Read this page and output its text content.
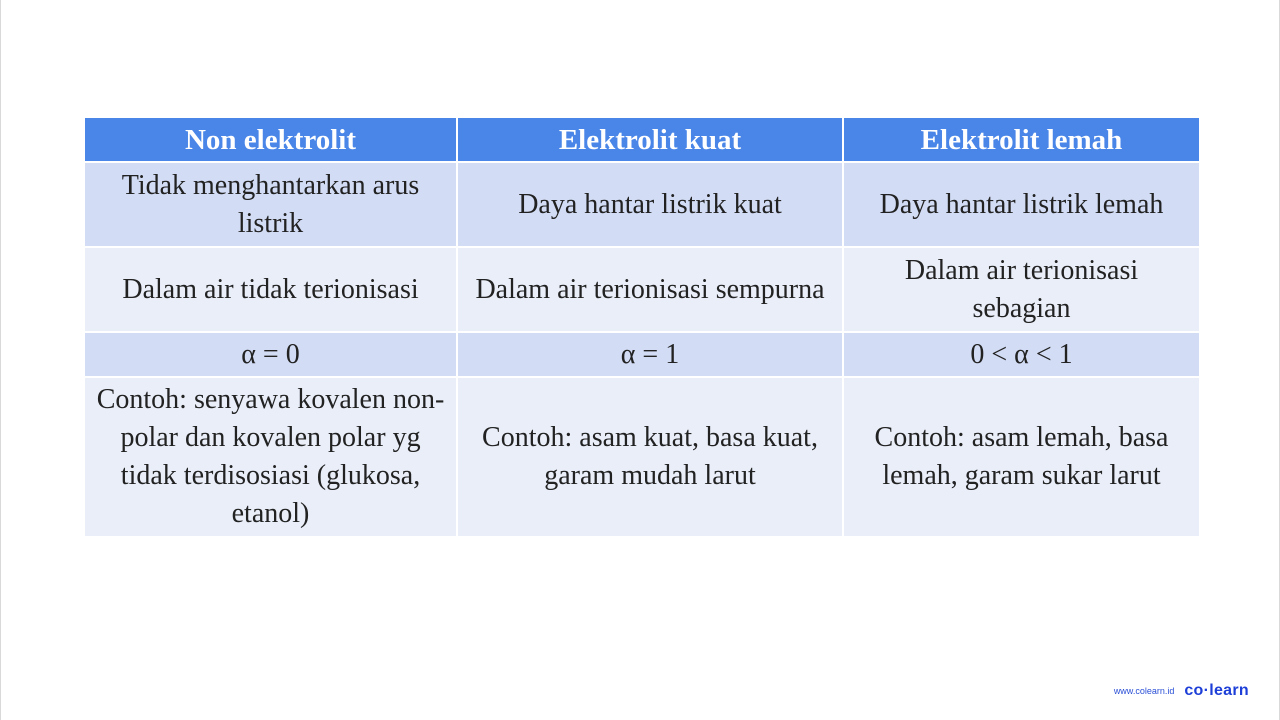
Non elektrolit	Elektrolit kuat	Elektrolit lemah
Tidak menghantarkan arus listrik	Daya hantar listrik kuat	Daya hantar listrik lemah
Dalam air tidak terionisasi	Dalam air terionisasi sempurna	Dalam air terionisasi sebagian
α = 0	α = 1	0 < α < 1
Contoh: senyawa kovalen non-polar dan kovalen polar yg tidak terdisosiasi (glukosa, etanol)	Contoh: asam kuat, basa kuat, garam mudah larut	Contoh: asam lemah, basa lemah, garam sukar larut
www.colearn.id co·learn
